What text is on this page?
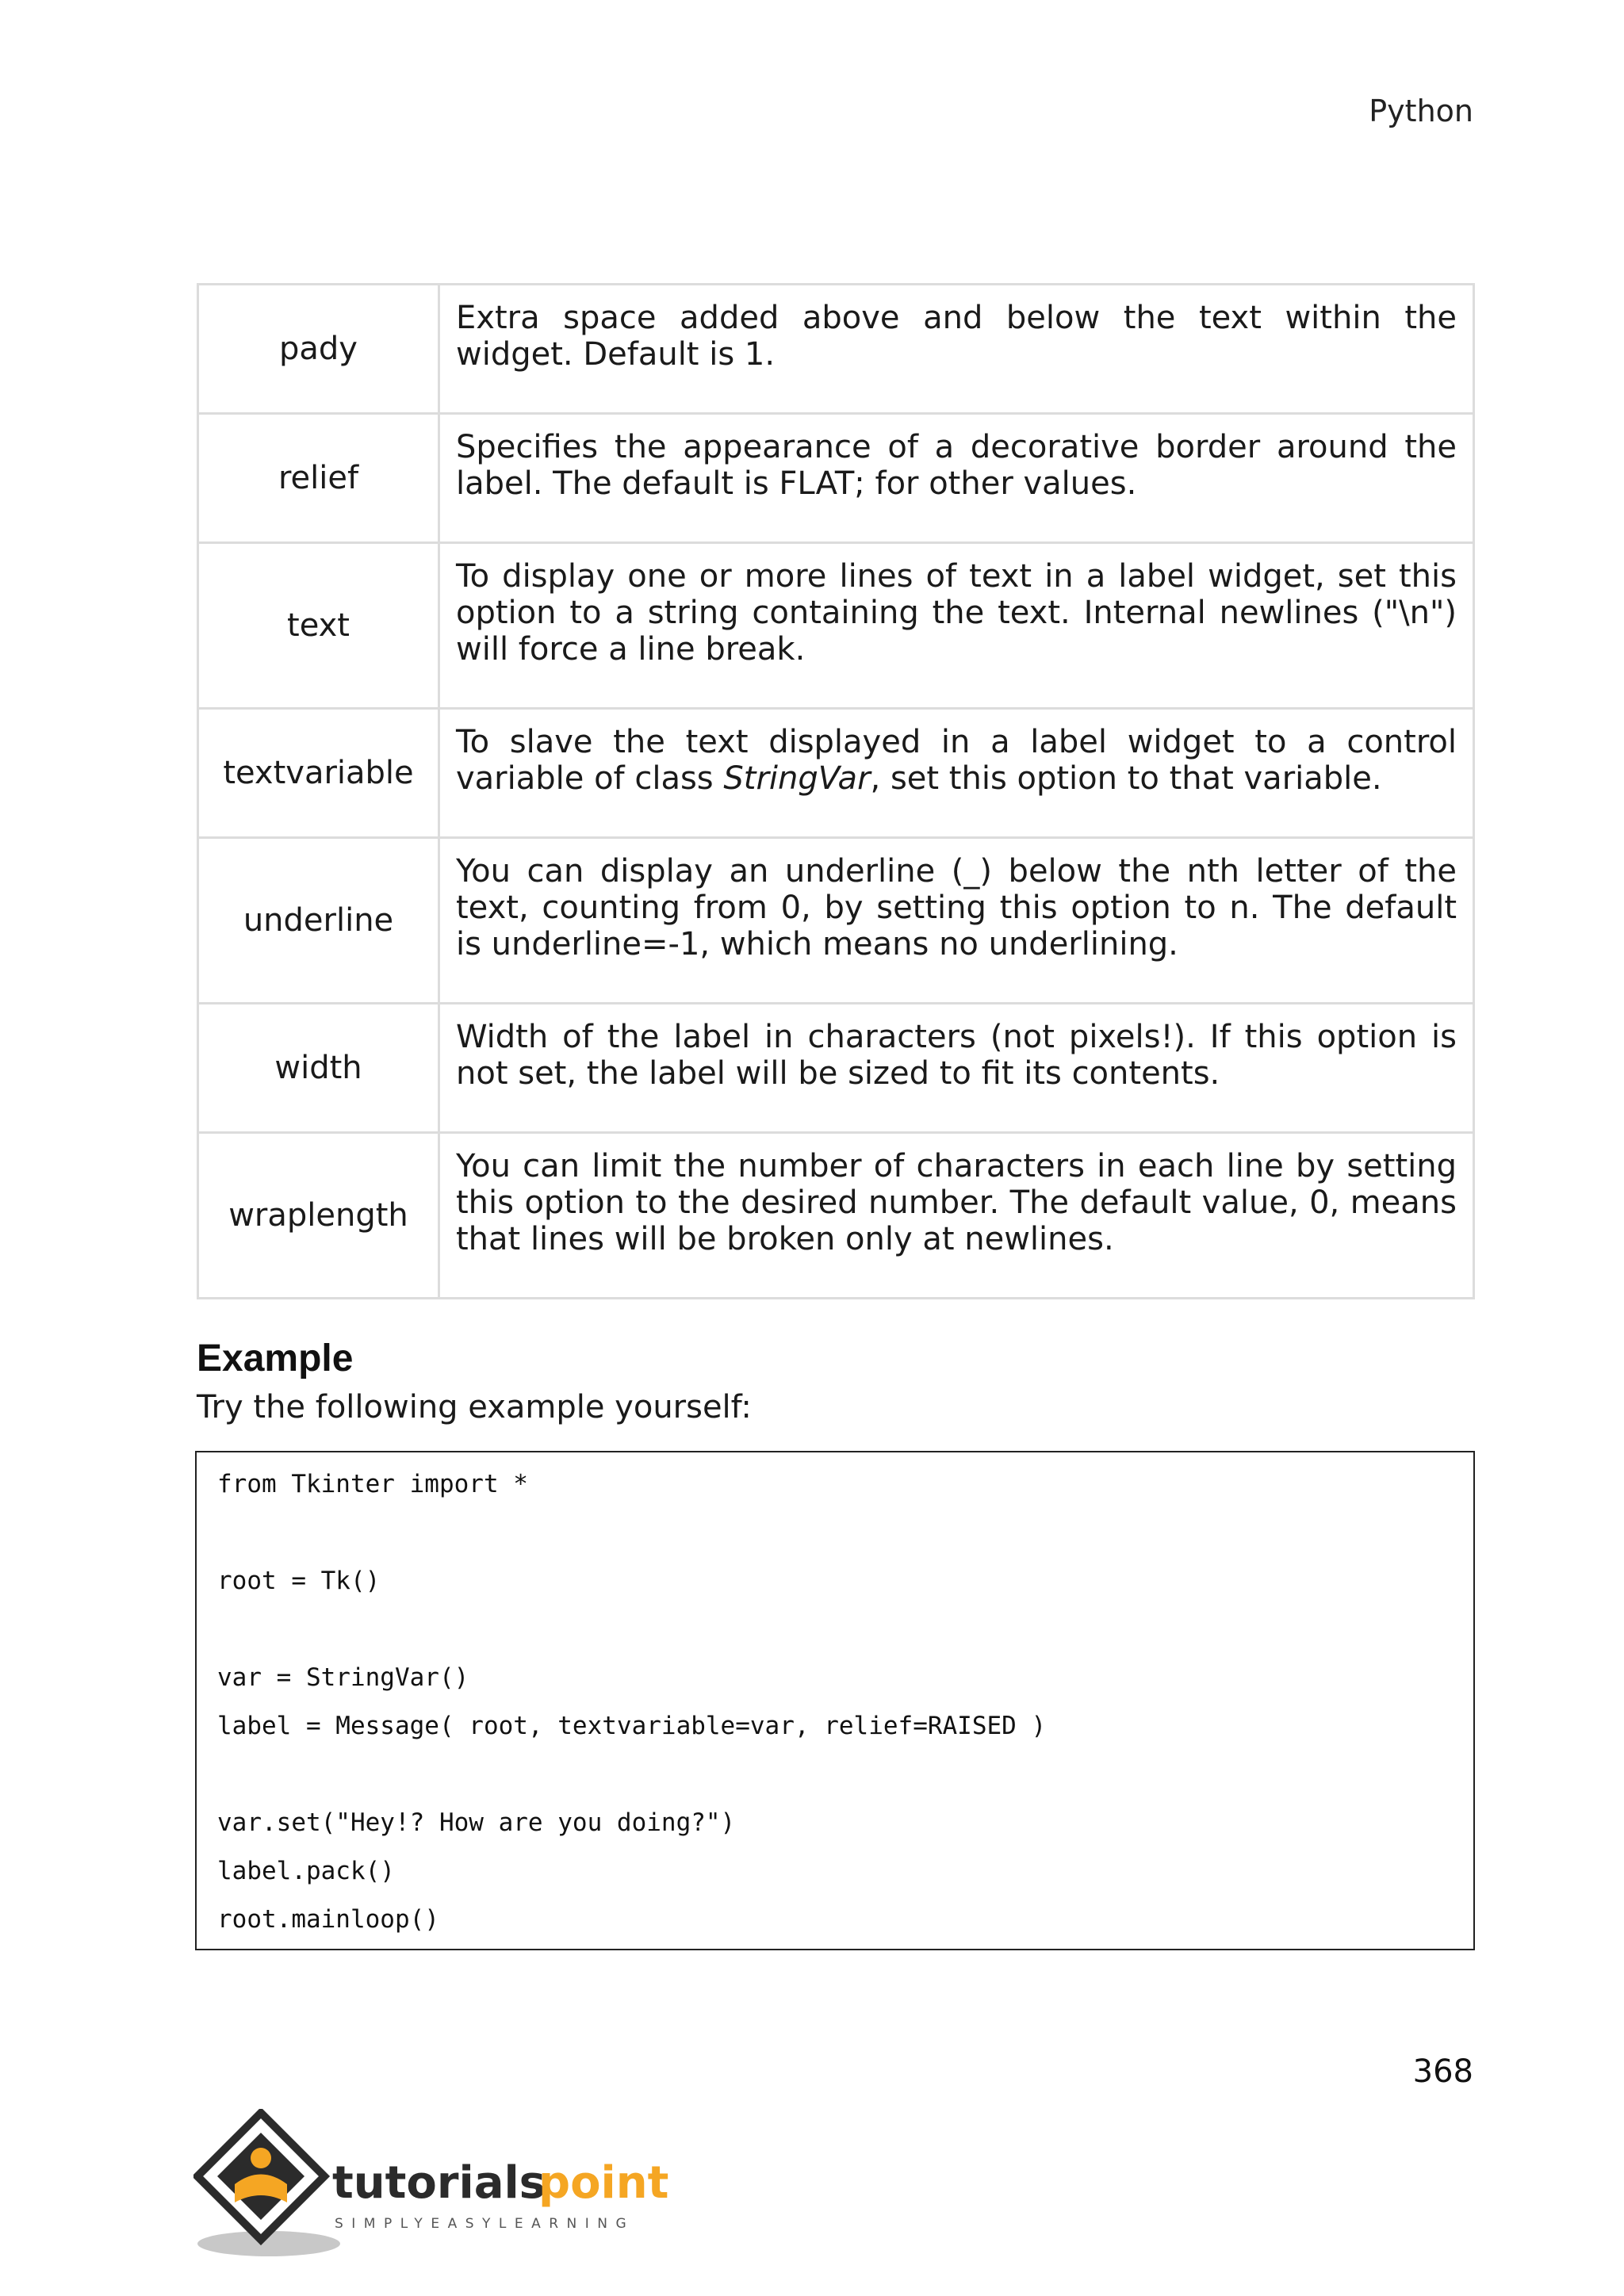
Python
pady	Extra space added above and below the text within the widget. Default is 1.
relief	Specifies the appearance of a decorative border around the label. The default is FLAT; for other values.
text	To display one or more lines of text in a label widget, set this option to a string containing the text. Internal newlines ("\n") will force a line break.
textvariable	To slave the text displayed in a label widget to a control variable of class StringVar, set this option to that variable.
underline	You can display an underline (_) below the nth letter of the text, counting from 0, by setting this option to n. The default is underline=-1, which means no underlining.
width	Width of the label in characters (not pixels!). If this option is not set, the label will be sized to fit its contents.
wraplength	You can limit the number of characters in each line by setting this option to the desired number. The default value, 0, means that lines will be broken only at newlines.
Example
Try the following example yourself:
from Tkinter import *
root = Tk()
var = StringVar()
label = Message( root, textvariable=var, relief=RAISED )
var.set("Hey!? How are you doing?")
label.pack()
root.mainloop()
368
tutorials
point
SIMPLYEASYLEARNING
